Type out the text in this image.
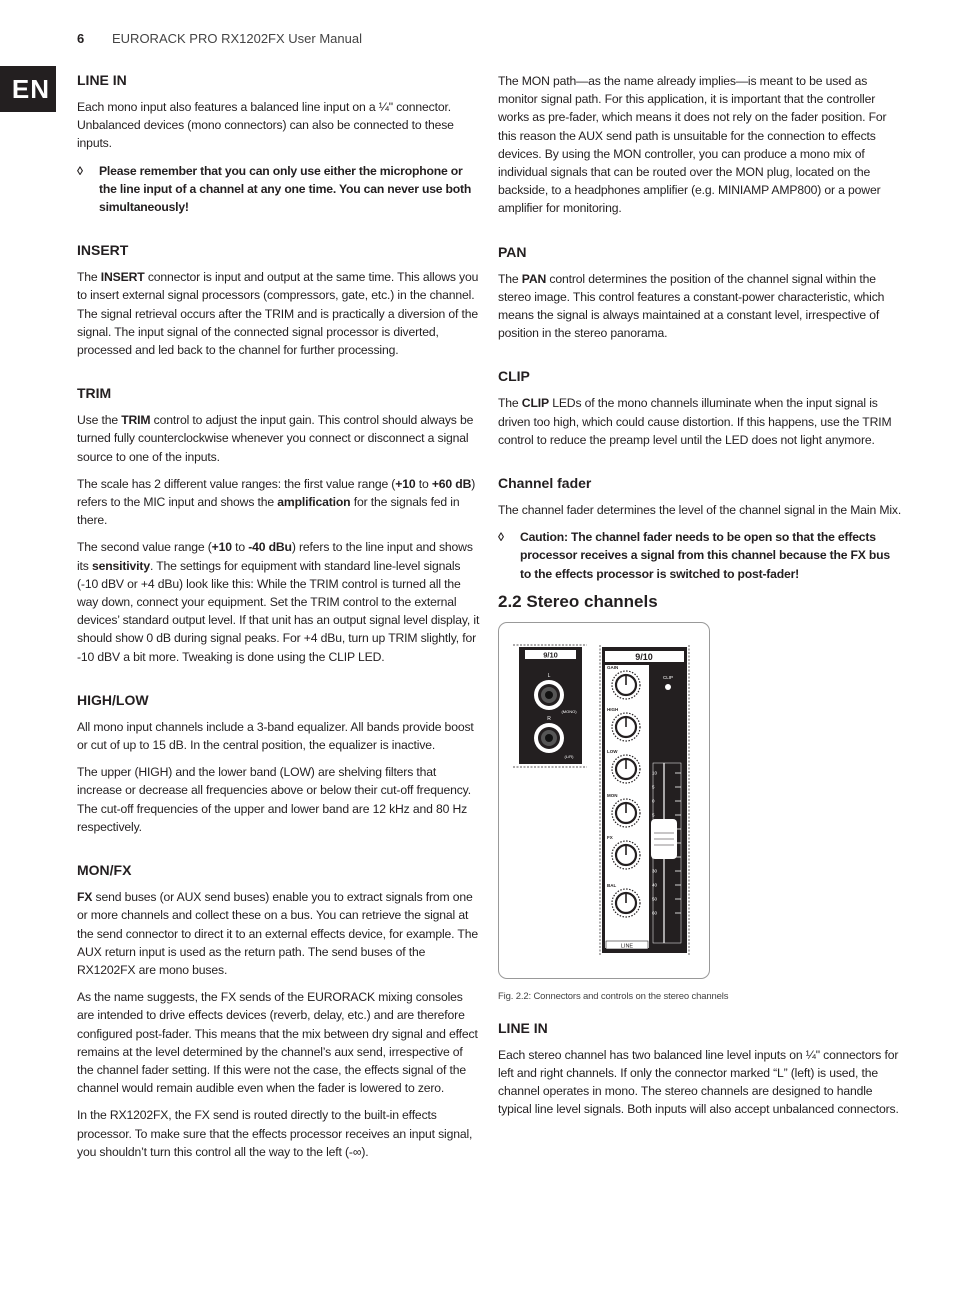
6 EURORACK PRO RX1202FX User Manual
EN	LINE IN

Each mono input also features a balanced line input on a ¼" connector. Unbalanced devices (mono connectors) can also be connected to these inputs.

◊	Please remember that you can only use either the microphone or the line input of a channel at any one time. You can never use both simultaneously!
INSERT

The INSERT connector is input and output at the same time. This allows you to insert external signal processors (compressors, gate, etc.) in the channel. The signal retrieval occurs after the TRIM and is practically a diversion of the signal. The input signal of the connected signal processor is diverted, processed and led back to the channel for further processing.

TRIM

Use the TRIM control to adjust the input gain. This control should always be turned fully counterclockwise whenever you connect or disconnect a signal source to one of the inputs.

The scale has 2 different value ranges: the first value range (+10 to +60 dB) refers to the MIC input and shows the amplification for the signals fed in there.

The second value range (+10 to -40 dBu) refers to the line input and shows its sensitivity. The settings for equipment with standard line-level signals (-10 dBV or +4 dBu) look like this: While the TRIM control is turned all the way down, connect your equipment. Set the TRIM control to the external devices’ standard output level. If that unit has an output signal level display, it should show 0 dB during signal peaks. For +4 dBu, turn up TRIM slightly, for -10 dBV a bit more. Tweaking is done using the CLIP LED.

HIGH/LOW

All mono input channels include a 3-band equalizer. All bands provide boost or cut of up to 15 dB. In the central position, the equalizer is inactive.

The upper (HIGH) and the lower band (LOW) are shelving filters that increase or decrease all frequencies above or below their cut-off frequency. The cut-off frequencies of the upper and lower band are 12 kHz and 80 Hz respectively.

MON/FX

FX send buses (or AUX send buses) enable you to extract signals from one or more channels and collect these on a bus. You can retrieve the signal at the send connector to direct it to an external effects device, for example. The AUX return input is used as the return path. The send buses of the RX1202FX are mono buses.

As the name suggests, the FX sends of the EURORACK mixing consoles are intended to drive effects devices (reverb, delay, etc.) and are therefore configured post-fader. This means that the mix between dry signal and effect remains at the level determined by the channel’s aux send, irrespective of the channel fader setting. If this were not the case, the effects signal of the channel would remain audible even when the fader is lowered to zero.

In the RX1202FX, the FX send is routed directly to the built-in effects processor. To make sure that the effects processor receives an input signal, you shouldn’t turn this control all the way to the left (-∞).

The MON path—as the name already implies—is meant to be used as monitor signal path. For this application, it is important that the controller works as pre-fader, which means it does not rely on the fader position. For this reason the AUX send path is unsuitable for the connection to effects devices. By using the MON controller, you can produce a mono mix of individual signals that can be routed over the MON plug, located on the backside, to a headphones amplifier (e.g. MINIAMP AMP800) or a power amplifier for monitoring.

PAN

The PAN control determines the position of the channel signal within the stereo image. This control features a constant-power characteristic, which means the signal is always maintained at a constant level, irrespective of position in the stereo panorama.

CLIP

The CLIP LEDs of the mono channels illuminate when the input signal is driven too high, which could cause distortion. If this happens, use the TRIM control to reduce the preamp level until the LED does not light anymore.

Channel fader

The channel fader determines the level of the channel signal in the Main Mix.

◊	Caution: The channel fader needs to be open so that the effects processor receives a signal from this channel because the FX bus to the effects processor is switched to post-fader!
2.2 Stereo channels
9/10
L
(MONO)
R
(L/R)
9/10
CLIP
LINE
GAIN
HIGH
LOW
MON
FX
BAL
10
5
0
5
10
15
20
30
40
50
60

Fig. 2.2: Connectors and controls on the stereo channels

LINE IN

Each stereo channel has two balanced line level inputs on ¼" connectors for left and right channels. If only the connector marked “L” (left) is used, the channel operates in mono. The stereo channels are designed to handle typical line level signals. Both inputs will also accept unbalanced connectors.
